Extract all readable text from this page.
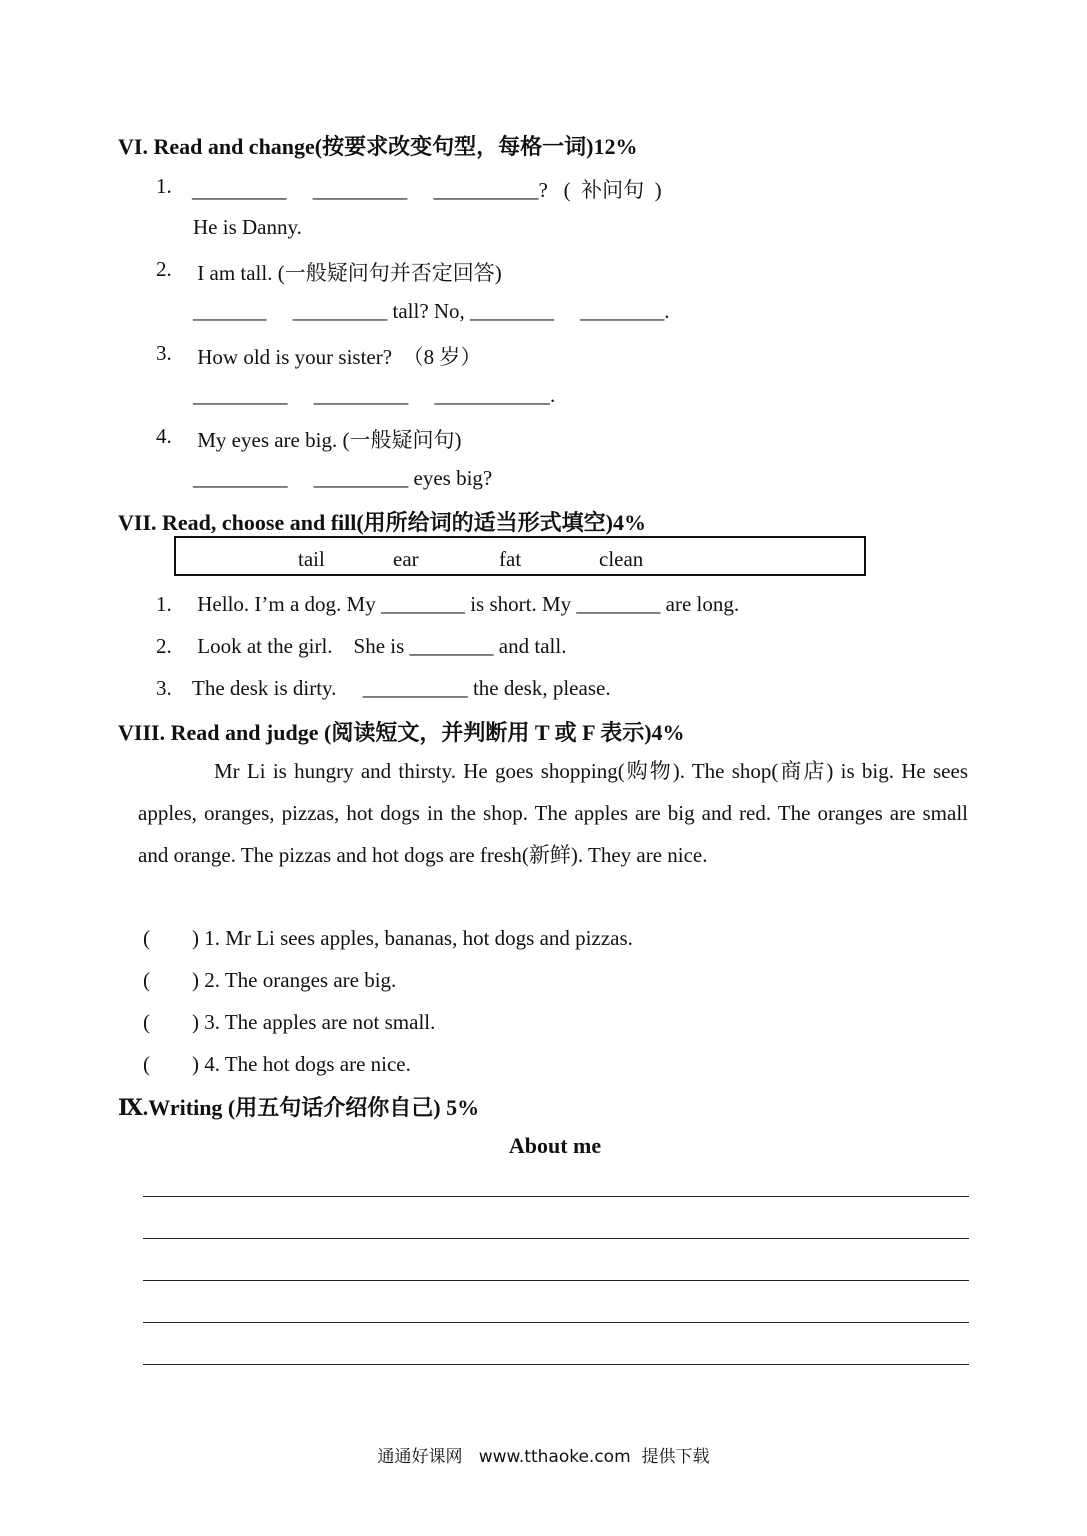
VI. Read and change(按要求改变句型，每格一词)12%
1. _________     _________     __________?   (  补问句  )
He is Danny.
2. I am tall. (一般疑问句并否定回答)
_______     _________ tall? No, ________     ________.
3. How old is your sister?  （8 岁）
_________     _________     ___________.
4. My eyes are big. (一般疑问句)
_________     _________ eyes big?
VII. Read, choose and fill(用所给词的适当形式填空)4%
tail	ear	fat	clean
1. Hello. I’m a dog. My ________ is short. My ________ are long.
2. Look at the girl.    She is ________ and tall.
3. The desk is dirty.     __________ the desk, please.
VIII. Read and judge (阅读短文，并判断用 T 或 F 表示)4%
Mr Li is hungry and thirsty. He goes shopping(购物). The shop(商店) is big. He sees apples, oranges, pizzas, hot dogs in the shop. The apples are big and red. The oranges are small and orange. The pizzas and hot dogs are fresh(新鲜). They are nice.
(        ) 1. Mr Li sees apples, bananas, hot dogs and pizzas.
(        ) 2. The oranges are big.
(        ) 3. The apples are not small.
(        ) 4. The hot dogs are nice.
Ⅸ.Writing (用五句话介绍你自己) 5%
About me
通通好课网   www.tthaoke.com  提供下载
